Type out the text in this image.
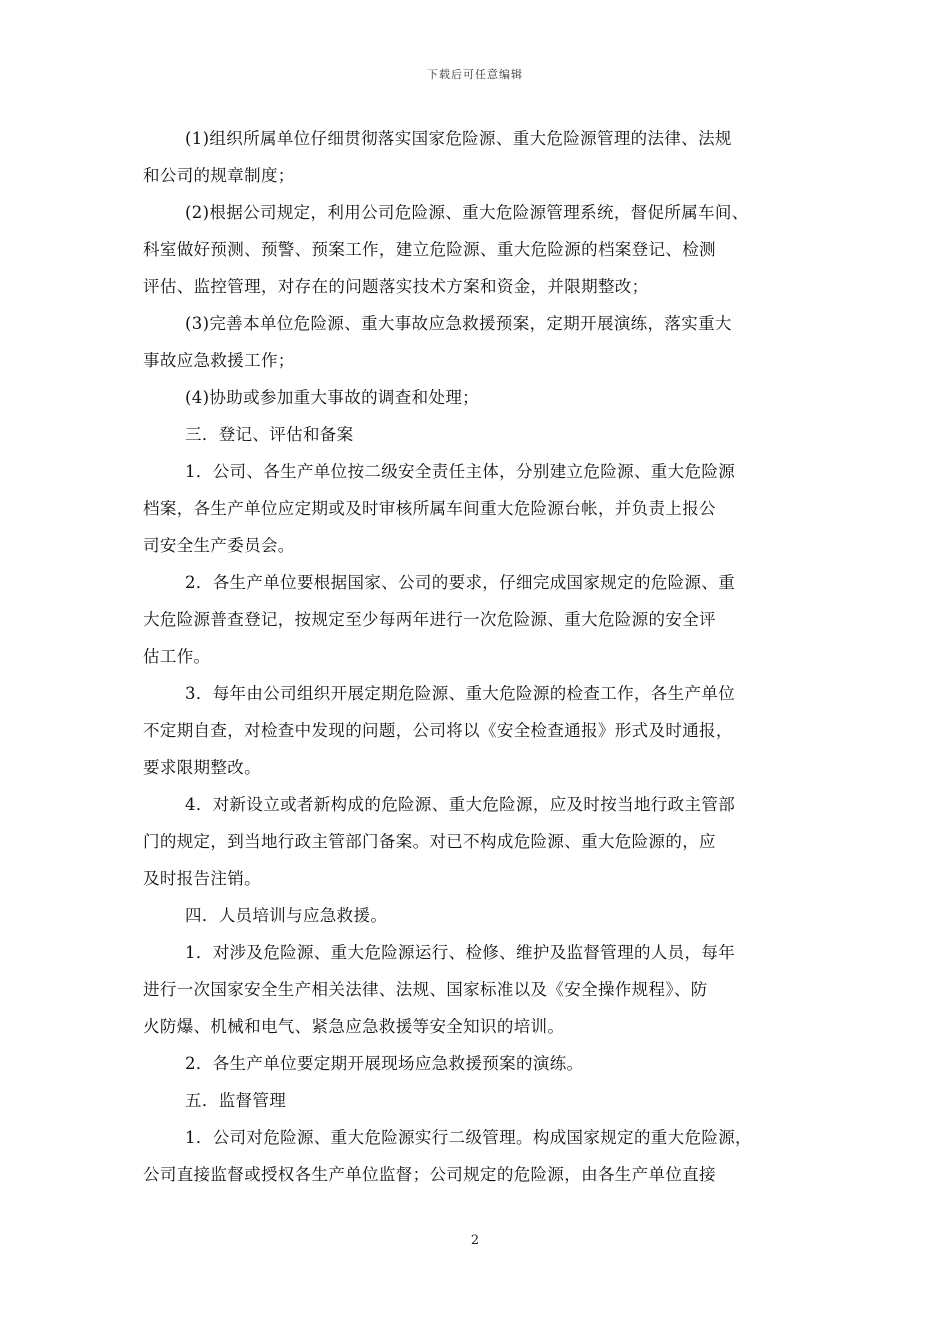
下载后可任意编辑
(1)组织所属单位仔细贯彻落实国家危险源、重大危险源管理的法律、法规
和公司的规章制度；
(2)根据公司规定，利用公司危险源、重大危险源管理系统，督促所属车间、
科室做好预测、预警、预案工作，建立危险源、重大危险源的档案登记、检测
评估、监控管理，对存在的问题落实技术方案和资金，并限期整改；
(3)完善本单位危险源、重大事故应急救援预案，定期开展演练，落实重大
事故应急救援工作；
(4)协助或参加重大事故的调查和处理；
三．登记、评估和备案
1．公司、各生产单位按二级安全责任主体，分别建立危险源、重大危险源
档案，各生产单位应定期或及时审核所属车间重大危险源台帐，并负责上报公
司安全生产委员会。
2．各生产单位要根据国家、公司的要求，仔细完成国家规定的危险源、重
大危险源普查登记，按规定至少每两年进行一次危险源、重大危险源的安全评
估工作。
3．每年由公司组织开展定期危险源、重大危险源的检查工作，各生产单位
不定期自查，对检查中发现的问题，公司将以《安全检查通报》形式及时通报，
要求限期整改。
4．对新设立或者新构成的危险源、重大危险源，应及时按当地行政主管部
门的规定，到当地行政主管部门备案。对已不构成危险源、重大危险源的，应
及时报告注销。
四．人员培训与应急救援。
1．对涉及危险源、重大危险源运行、检修、维护及监督管理的人员，每年
进行一次国家安全生产相关法律、法规、国家标准以及《安全操作规程》、防
火防爆、机械和电气、紧急应急救援等安全知识的培训。
2．各生产单位要定期开展现场应急救援预案的演练。
五．监督管理
1．公司对危险源、重大危险源实行二级管理。构成国家规定的重大危险源，
公司直接监督或授权各生产单位监督；公司规定的危险源，由各生产单位直接
2
